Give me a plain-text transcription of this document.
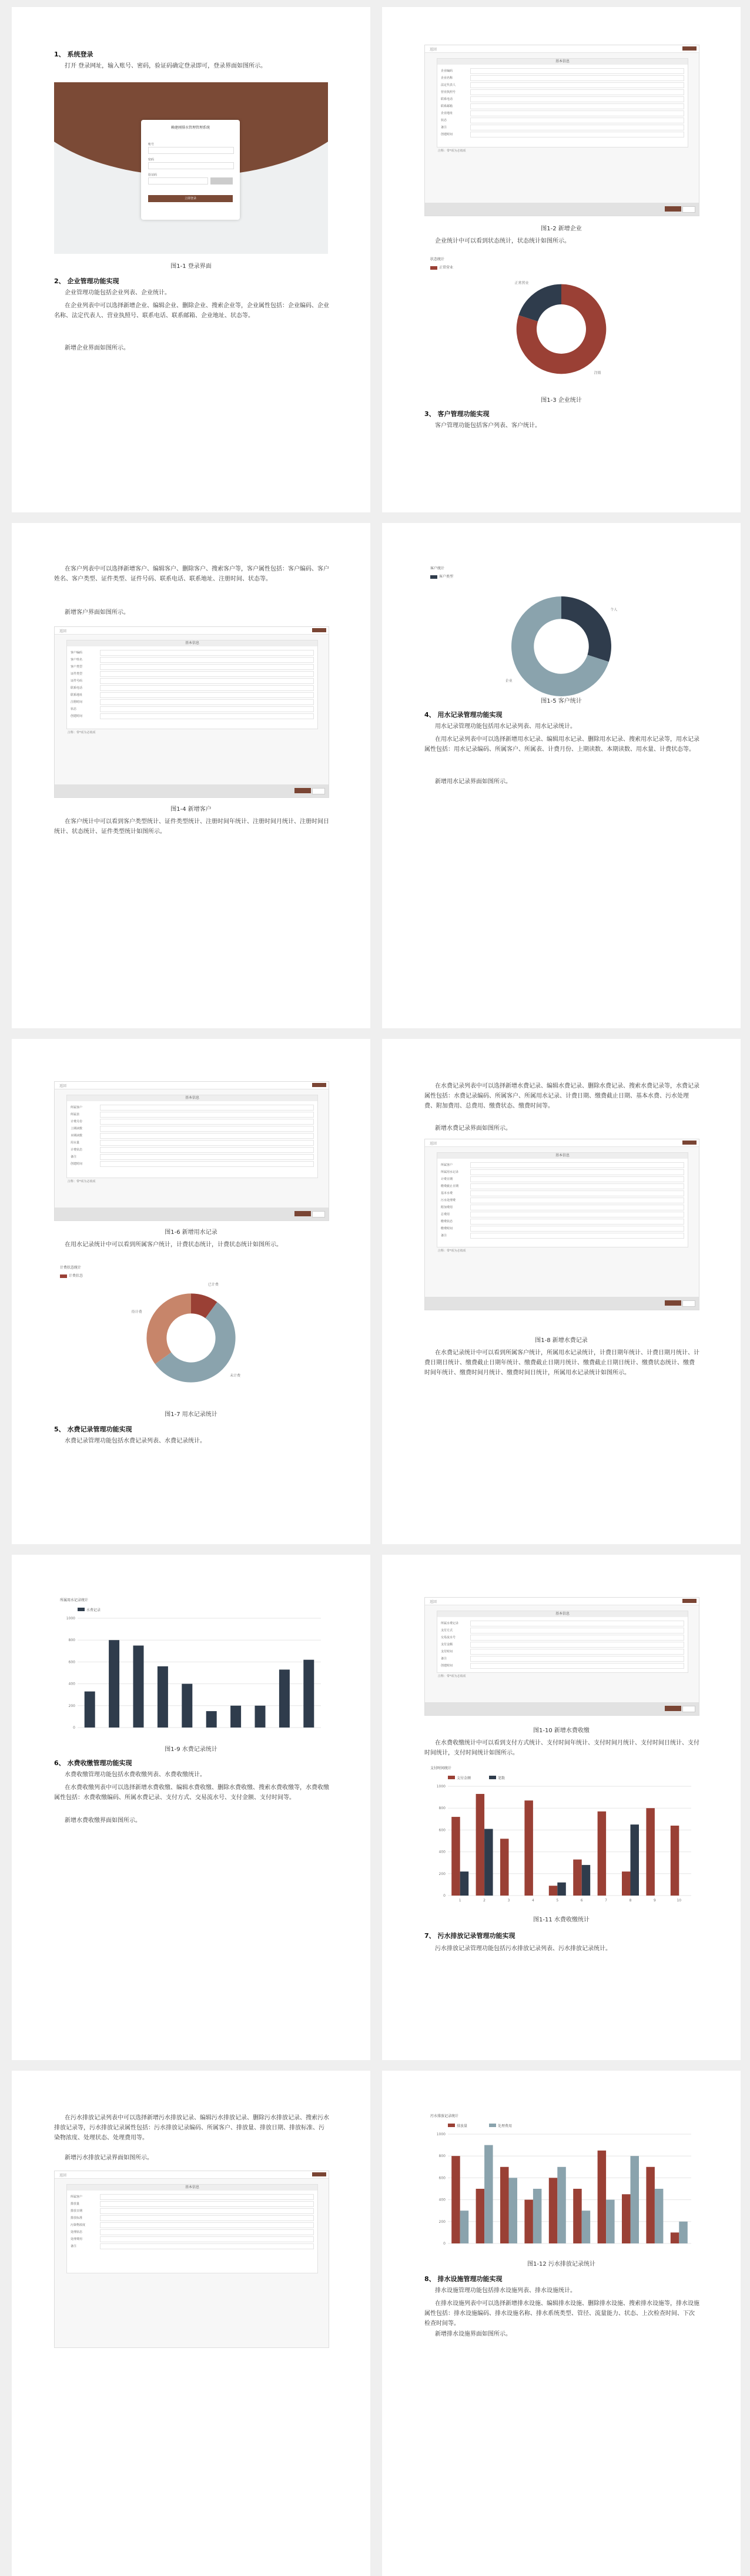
1、 系统登录
打开 登录网址，输入账号、密码，验证码确定登录即可，登录界面如图所示。
赖建刚排水管理管理系统
账号
密码
验证码
立即登录
图1-1 登录界面
2、 企业管理功能实现
企业管理功能包括企业列表、企业统计。
在企业列表中可以选择新增企业、编辑企业、删除企业、搜索企业等，企业属性包括：企业编码、企业名称、法定代表人、营业执照号、联系电话、联系邮箱、企业地址、状态等。
新增企业界面如图所示。
返回
基本信息
企业编码
企业名称
法定代表人
营业执照号
联系电话
联系邮箱
企业地址
状态
备注
创建时间
注释：带*项为必填项
图1-2 新增企业
企业统计中可以看到状态统计，状态统计如图所示。
状态统计
正常营业
注销
正常营业
图1-3 企业统计
3、 客户管理功能实现
客户管理功能包括客户列表、客户统计。
在客户列表中可以选择新增客户、编辑客户、删除客户、搜索客户等，客户属性包括：客户编码、客户姓名、客户类型、证件类型、证件号码、联系电话、联系地址、注册时间、状态等。
新增客户界面如图所示。
返回
基本信息
客户编码
客户姓名
客户类型
证件类型
证件号码
联系电话
联系地址
注册时间
状态
创建时间
注释：带*项为必填项
图1-4 新增客户
在客户统计中可以看到客户类型统计、证件类型统计、注册时间年统计、注册时间月统计、注册时间日统计、状态统计、证件类型统计如图所示。
客户统计
客户类型
个人
企业
图1-5 客户统计
4、 用水记录管理功能实现
用水记录管理功能包括用水记录列表、用水记录统计。
在用水记录列表中可以选择新增用水记录、编辑用水记录、删除用水记录、搜索用水记录等，用水记录属性包括：用水记录编码、所属客户、所属表、计费月份、上期读数、本期读数、用水量、计费状态等。
新增用水记录界面如图所示。
返回
基本信息
所属客户
所属表
计费月份
上期读数
本期读数
用水量
计费状态
备注
创建时间
注释：带*项为必填项
图1-6 新增用水记录
在用水记录统计中可以看到所属客户统计，计费状态统计，计费状态统计如图所示。
计费状态统计
计费状态
已计费
未计费
待计费
图1-7 用水记录统计
5、 水费记录管理功能实现
水费记录管理功能包括水费记录列表、水费记录统计。
在水费记录列表中可以选择新增水费记录、编辑水费记录、删除水费记录、搜索水费记录等，水费记录属性包括：水费记录编码、所属客户、所属用水记录、计费日期、缴费截止日期、基本水费、污水处理费、附加费用、总费用、缴费状态、缴费时间等。
新增水费记录界面如图所示。
返回
基本信息
所属客户
所属用水记录
计费日期
缴费截止日期
基本水费
污水处理费
附加费用
总费用
缴费状态
缴费时间
备注
注释：带*项为必填项
图1-8 新增水费记录
在水费记录统计中可以看到所属客户统计，所属用水记录统计，计费日期年统计、计费日期月统计、计费日期日统计、缴费截止日期年统计、缴费截止日期月统计、缴费截止日期日统计、缴费状态统计、缴费时间年统计、缴费时间月统计、缴费时间日统计，所属用水记录统计如图所示。
所属用水记录统计
0
200
400
600
800
1000
水费记录
图1-9 水费记录统计
6、 水费收缴管理功能实现
水费收缴管理功能包括水费收缴列表、水费收缴统计。
在水费收缴列表中可以选择新增水费收缴、编辑水费收缴、删除水费收缴、搜索水费收缴等，水费收缴属性包括：水费收缴编码、所属水费记录、支付方式、交易流水号、支付金额、支付时间等。
新增水费收缴界面如图所示。
返回
基本信息
所属水费记录
支付方式
交易流水号
支付金额
支付时间
备注
创建时间
注释：带*项为必填项
图1-10 新增水费收缴
在水费收缴统计中可以看到支付方式统计、支付时间年统计、支付时间月统计、支付时间日统计、支付时间统计，支付时间统计如图所示。
支付时间统计
0
200
400
600
800
1000
支付金额	笔数
1	2	3	4	5	6	7	8	9	10
图1-11 水费收缴统计
7、 污水排放记录管理功能实现
污水排放记录管理功能包括污水排放记录列表、污水排放记录统计。
在污水排放记录列表中可以选择新增污水排放记录、编辑污水排放记录、删除污水排放记录、搜索污水排放记录等，污水排放记录属性包括：污水排放记录编码、所属客户、排放量、排放日期、排放标准、污染物浓度、处理状态、处理费用等。
新增污水排放记录界面如图所示。
返回
基本信息
所属客户
排放量
排放日期
排放标准
污染物浓度
处理状态
处理费用
备注
污水排放记录统计
0
200
400
600
800
1000
排放量	处理费用
图1-12 污水排放记录统计
8、 排水设施管理功能实现
排水设施管理功能包括排水设施列表、排水设施统计。
在排水设施列表中可以选择新增排水设施、编辑排水设施、删除排水设施、搜索排水设施等，排水设施属性包括：排水设施编码、排水设施名称、排水系统类型、管径、流量能力、状态、上次检查时间、下次检查时间等。
新增排水设施界面如图所示。
